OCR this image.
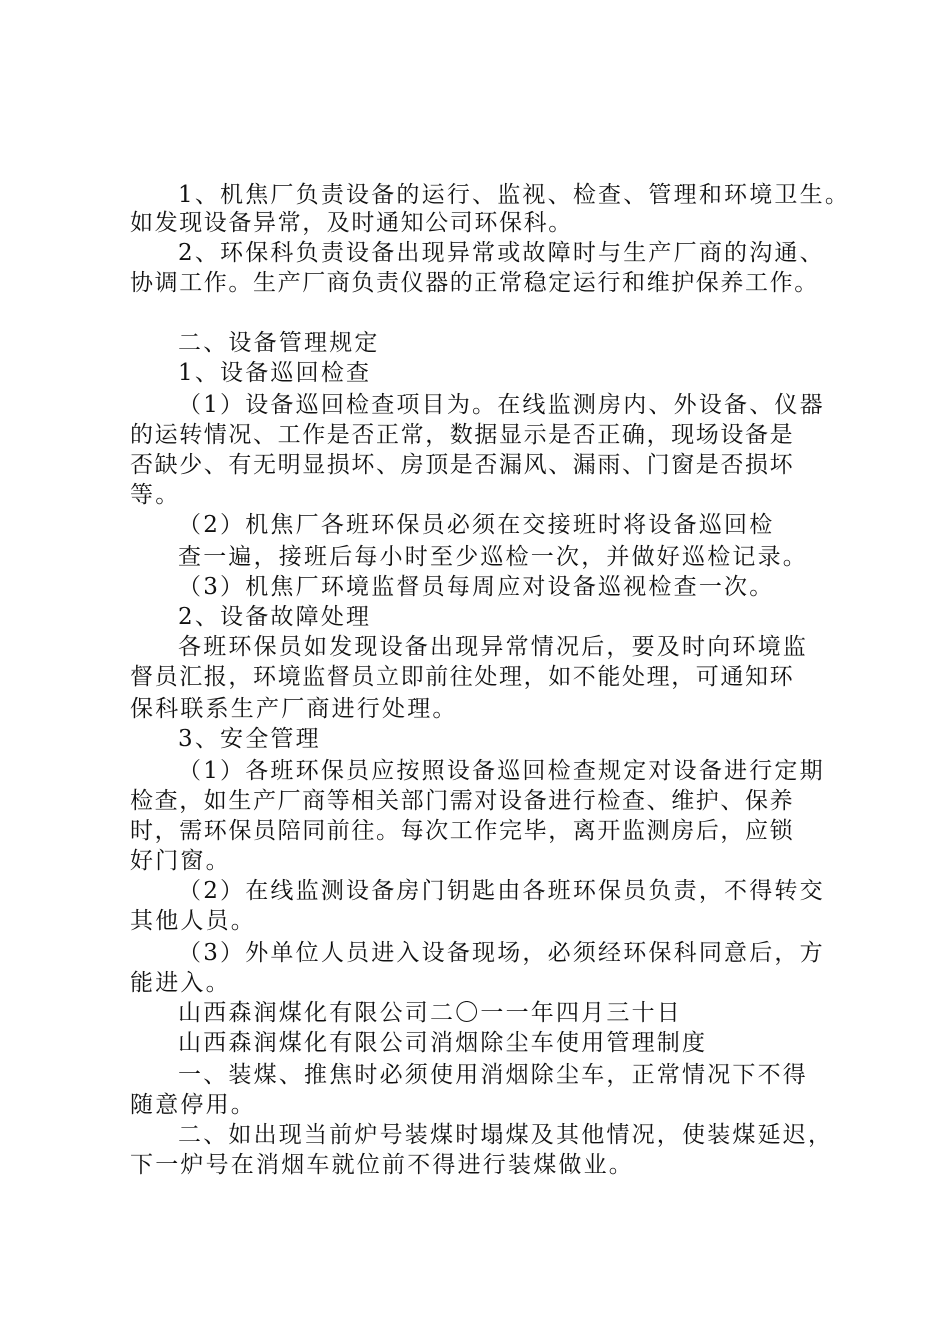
1、机焦厂负责设备的运行、监视、检查、管理和环境卫生。
如发现设备异常，及时通知公司环保科。
2、环保科负责设备出现异常或故障时与生产厂商的沟通、
协调工作。生产厂商负责仪器的正常稳定运行和维护保养工作。
二、设备管理规定
1、设备巡回检查
（1）设备巡回检查项目为。在线监测房内、外设备、仪器
的运转情况、工作是否正常，数据显示是否正确，现场设备是
否缺少、有无明显损坏、房顶是否漏风、漏雨、门窗是否损坏
等。
（2）机焦厂各班环保员必须在交接班时将设备巡回检
查一遍，接班后每小时至少巡检一次，并做好巡检记录。
（3）机焦厂环境监督员每周应对设备巡视检查一次。
2、设备故障处理
各班环保员如发现设备出现异常情况后，要及时向环境监
督员汇报，环境监督员立即前往处理，如不能处理，可通知环
保科联系生产厂商进行处理。
3、安全管理
（1）各班环保员应按照设备巡回检查规定对设备进行定期
检查，如生产厂商等相关部门需对设备进行检查、维护、保养
时，需环保员陪同前往。每次工作完毕，离开监测房后，应锁
好门窗。
（2）在线监测设备房门钥匙由各班环保员负责，不得转交
其他人员。
（3）外单位人员进入设备现场，必须经环保科同意后，方
能进入。
山西森润煤化有限公司二〇一一年四月三十日
山西森润煤化有限公司消烟除尘车使用管理制度
一、装煤、推焦时必须使用消烟除尘车，正常情况下不得
随意停用。
二、如出现当前炉号装煤时塌煤及其他情况，使装煤延迟，
下一炉号在消烟车就位前不得进行装煤做业。
